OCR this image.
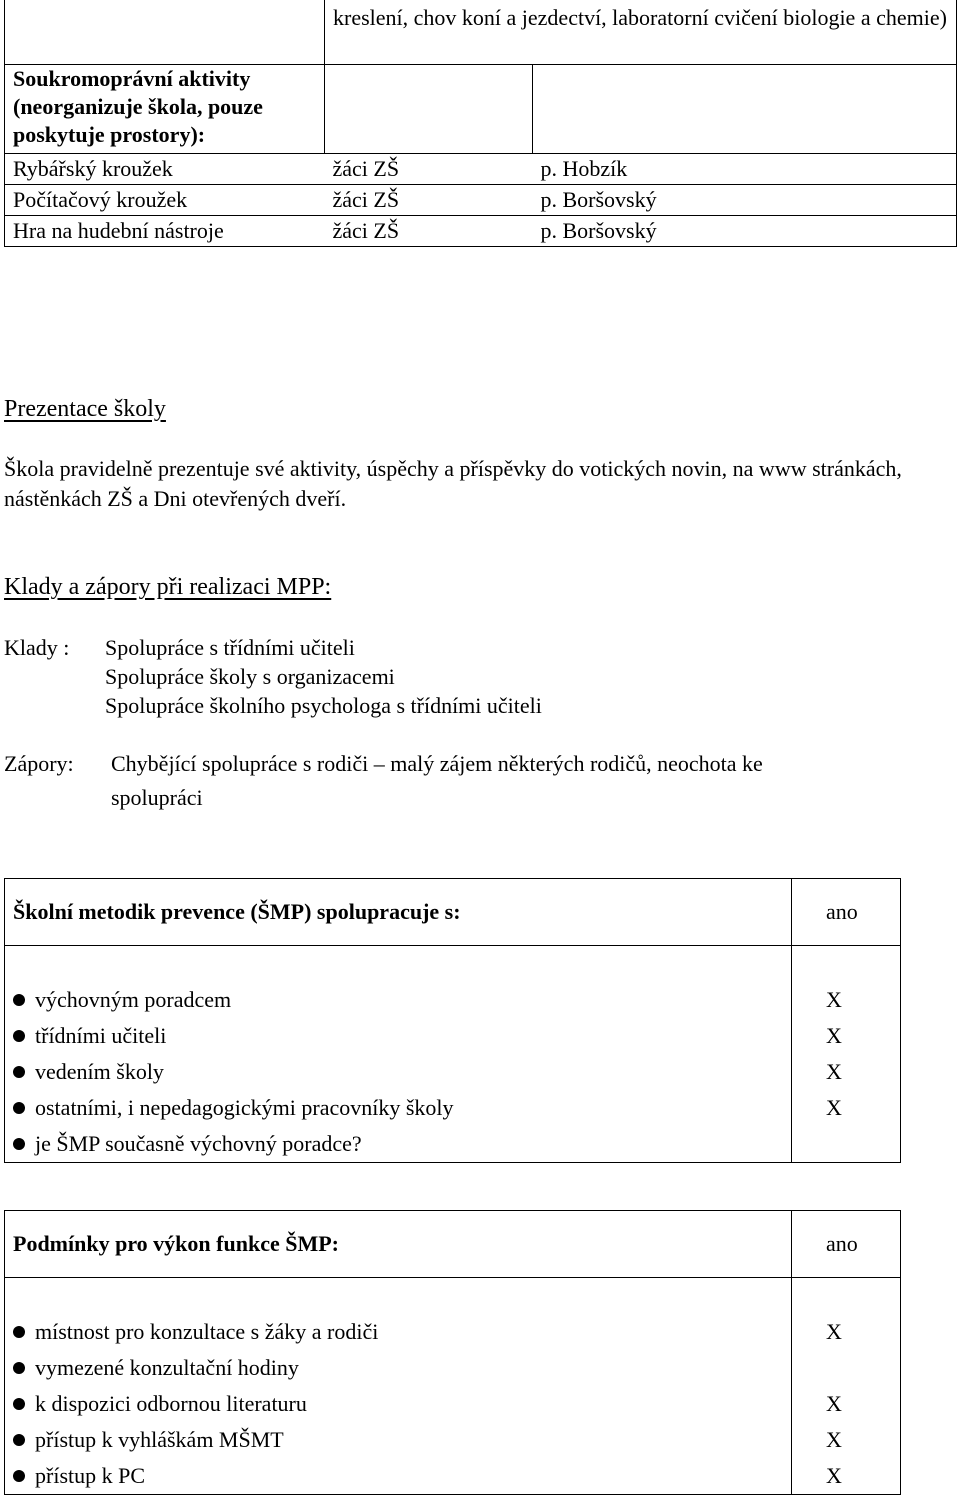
	kreslení, chov koní a jezdectví, laboratorní cvičení biologie a chemie)	
Soukromoprávní aktivity (neorganizuje škola, pouze poskytuje prostory):		
Rybářský kroužek	žáci ZŠ	p. Hobzík
Počítačový kroužek	žáci ZŠ	p. Boršovský
Hra na hudební nástroje	žáci ZŠ	p. Boršovský
Prezentace školy
Škola pravidelně prezentuje své aktivity, úspěchy a příspěvky do votických novin, na www stránkách, nástěnkách ZŠ a Dni otevřených dveří.
Klady a zápory při realizaci MPP:
Klady : Spolupráce s třídními učiteli
Spolupráce školy s organizacemi
Spolupráce školního psychologa s třídními učiteli
Zápory: Chybějící spolupráce s rodiči – malý zájem některých rodičů, neochota ke
spolupráci
Školní metodik prevence (ŠMP) spolupracuje s:	ano

výchovným poradcem	X
třídními učiteli	X
vedením školy	X
ostatními, i nepedagogickými pracovníky školy	X
je ŠMP současně výchovný poradce?	
Podmínky pro výkon funkce ŠMP:	ano

místnost pro konzultace s žáky a rodiči	X
vymezené konzultační hodiny	
k dispozici odbornou literaturu	X
přístup k vyhláškám MŠMT	X
přístup k PC	X
